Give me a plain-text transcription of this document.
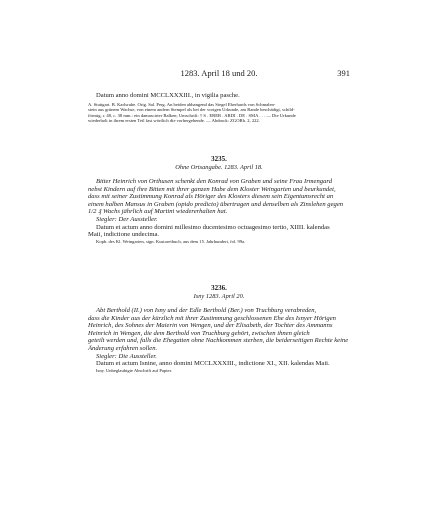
1283. April 18 und 20.	391

Datum anno domini MCCLXXXIII., in vigilia pasche.

A. Stuttgart. B. Karlsruhe. Orig. Sal. Perg. An beiden abhangend das Siegel Eberhards von Schmalen-

stein aus grünem Wachse, von einem andern Stempel als bei der vorigen Urkunde, am Rande beschädigt, schild-

förmig, r. 48, c. 38 mm.: ein damascirter Balken; Umschrift: † S . EBER . ARDI . DE . SMA . . . — Die Urkunde

wiederholt in ihrem ersten Teil fast wörtlich die vorhergehende. — Abdruck: ZGORh. 2, 222.

3235.

Ohne Ortsangabe. 1283. April 18.

Bitter Heinrich von Orthusen schenkt den Konrad von Graben und seine Frau Irmengard

nebst Kindern auf ihre Bitten mit ihrer ganzen Habe dem Kloster Weingarten und beurkundet,

dass mit seiner Zustimmung Konrad als Höriger des Klosters diesem sein Eigentumsrecht an

einem halben Mansus in Graben (opido predicto) übertragen und denselben als Zinslehen gegen

1/2 ₰ Wachs jährlich auf Martini wiedererhalten hat.

Siegler: Der Aussteller.

Datum et actum anno domini millesimo ducentesimo octuagesimo tertio, XIIII. kalendas

Maii, indictione undecima.

Kopb. des Kl. Weingarten, sign. Kustoreibuch, aus dem 15. Jahrhundert, fol. 99a.

3236.

Isny 1283. April 20.

Abt Berthold (II.) von Isny und der Edle Berthold (Ber.) von Truchburg verabreden,

dass die Kinder aus der kürzlich mit ihrer Zustimmung geschlossenen Ehe des Isnyer Hörigen

Heinrich, des Sohnes der Maierin von Wengen, und der Elisabeth, der Tochter des Ammanns

Heinrich in Wengen, die dem Berthold von Truchburg gehört, zwischen ihnen gleich

geteilt werden und, falls die Ehegatten ohne Nachkommen sterben, die beiderseitigen Rechte keine

Änderung erfahren sollen.

Siegler: Die Aussteller.

Datum et actum Isnine, anno domini MCCLXXXIII., indictione XI., XII. kalendas Maii.

Isny. Unbeglaubigte Abschrift auf Papier.
